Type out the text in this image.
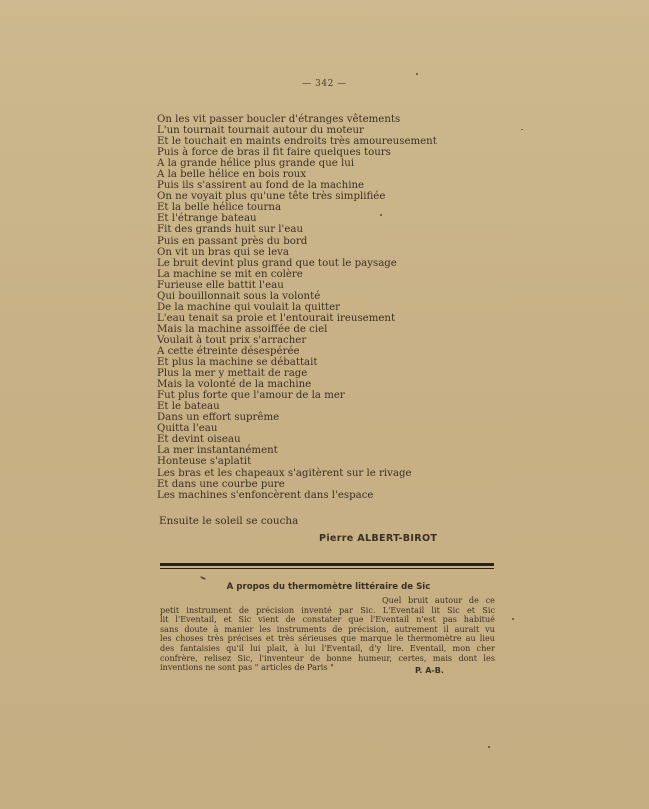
— 342 —
On les vit passer boucler d'étranges vêtements
L'un tournait tournait autour du moteur
Et le touchait en maints endroits très amoureusement
Puis à force de bras il fit faire quelques tours
A la grande hélice plus grande que lui
A la belle hélice en bois roux
Puis ils s'assirent au fond de la machine
On ne voyait plus qu'une tête très simplifiée
Et la belle hélice tourna
Et l'étrange bateau
Fit des grands huit sur l'eau
Puis en passant près du bord
On vit un bras qui se leva
Le bruit devint plus grand que tout le paysage
La machine se mit en colère
Furieuse elle battit l'eau
Qui bouillonnait sous la volonté
De la machine qui voulait la quitter
L'eau tenait sa proie et l'entourait ireusement
Mais la machine assoiffée de ciel
Voulait à tout prix s'arracher
A cette étreinte désespérée
Et plus la machine se débattait
Plus la mer y mettait de rage
Mais la volonté de la machine
Fut plus forte que l'amour de la mer
Et le bateau
Dans un effort suprême
Quitta l'eau
Et devint oiseau
La mer instantanément
Honteuse s'aplatit
Les bras et les chapeaux s'agitèrent sur le rivage
Et dans une courbe pure
Les machines s'enfoncèrent dans l'espace
Ensuite le soleil se coucha
Pierre ALBERT-BIROT
A propos du thermomètre littéraire de Sic
Quel bruit autour de ce
petit instrument de précision inventé par Sic. L'Eventail lit Sic et Sic
lit l'Eventail, et Sic vient de constater que l'Eventail n'est pas habitué
sans doute à manier les instruments de précision, autrement il aurait vu
les choses très précises et très sérieuses que marque le thermomètre au lieu
des fantaisies qu'il lui plait, à lui l'Eventail, d'y lire. Eventail, mon cher
confrère, relisez Sic, l'inventeur de bonne humeur, certes, mais dont les
inventions ne sont pas " articles de Paris "	P. A-B.
